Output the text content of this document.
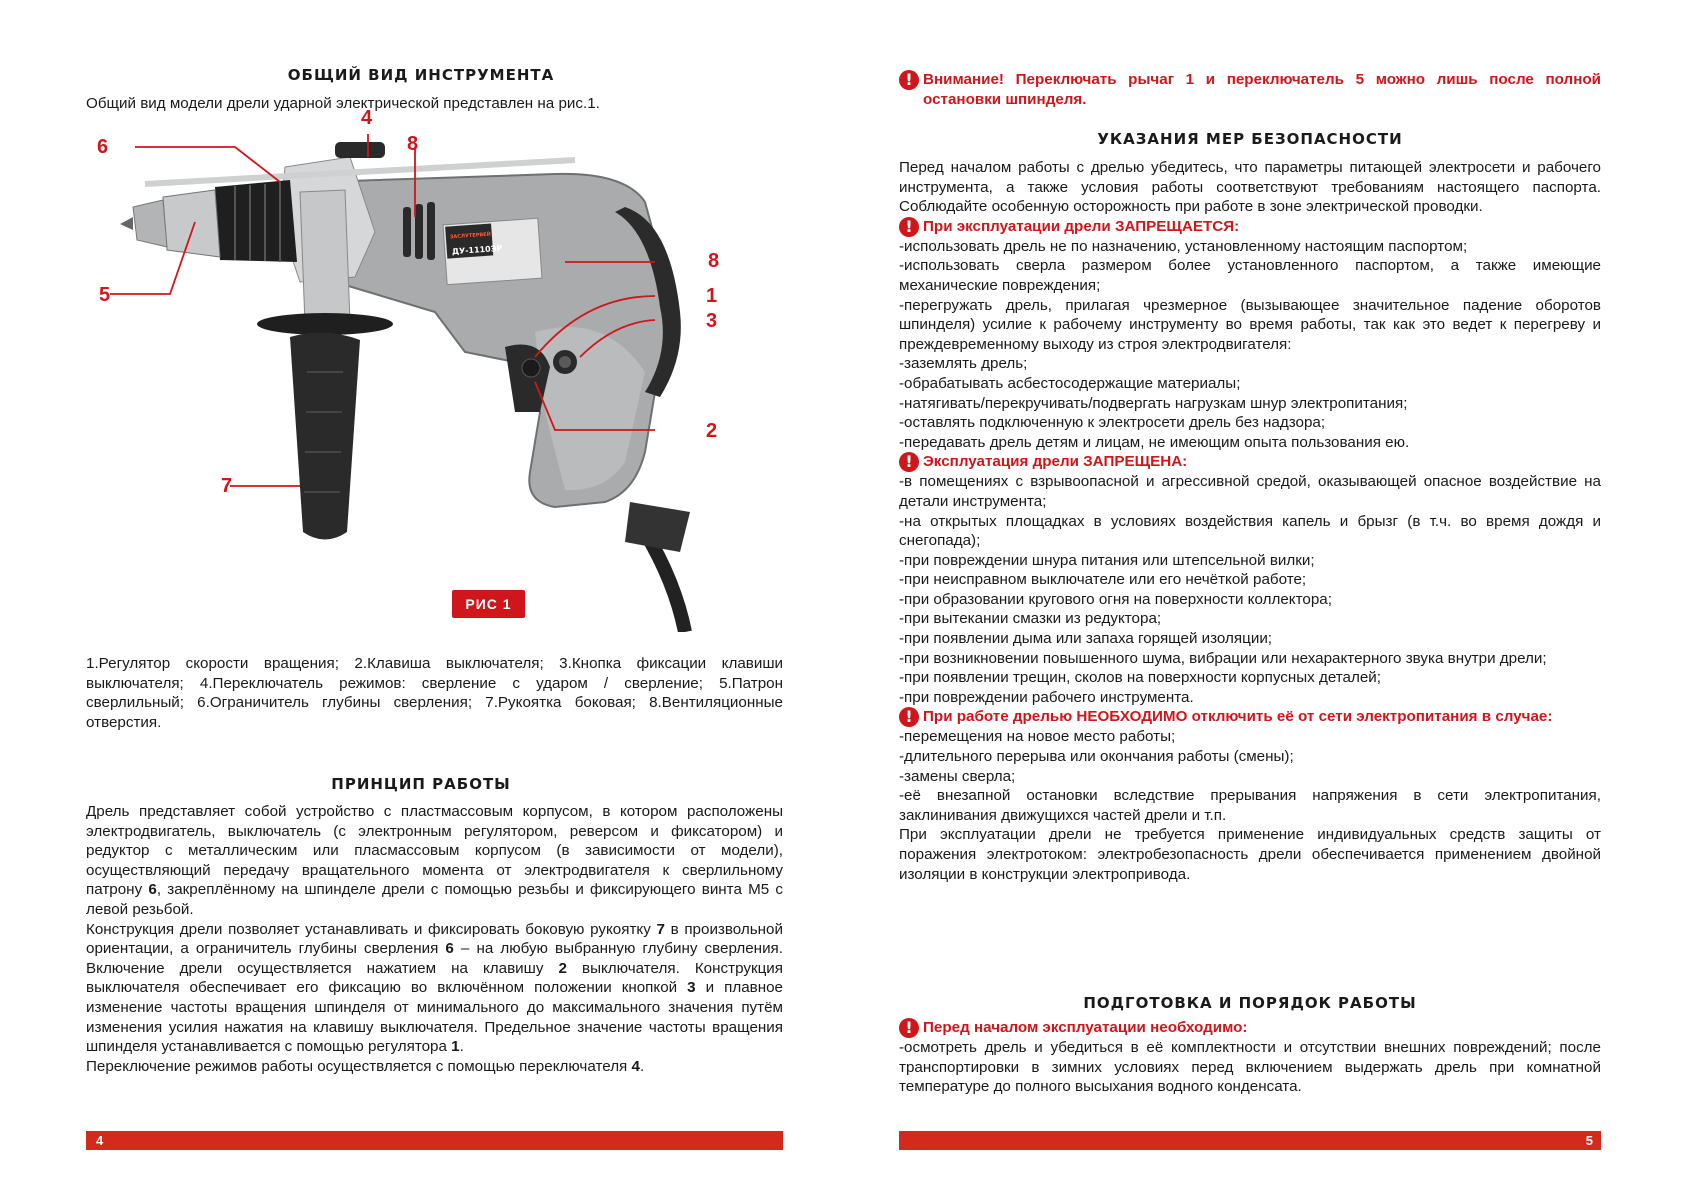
ОБЩИЙ ВИД ИНСТРУМЕНТА
Общий вид модели дрели ударной электрической представлен на рис.1.
ДУ-1110ЭР
ЗАСЛУТЕРВЕЙ
6
4
8
8
1
3
2
5
7
РИС 1
1.Регулятор скорости вращения; 2.Клавиша выключателя; 3.Кнопка фиксации клавиши выключателя; 4.Переключатель режимов: сверление с ударом / сверление; 5.Патрон сверлильный; 6.Ограничитель глубины сверления; 7.Рукоятка боковая; 8.Вентиляционные отверстия.
ПРИНЦИП РАБОТЫ

Дрель представляет собой устройство с пластмассовым корпусом, в котором расположены электродвигатель, выключатель (с электронным регулятором, реверсом и фиксатором) и редуктор с металлическим или пласмассовым корпусом (в зависимости от модели), осуществляющий передачу вращательного момента от электродвигателя к сверлильному патрону 6, закреплённому на шпинделе дрели с помощью резьбы и фиксирующего винта М5 с левой резьбой.

Конструкция дрели позволяет устанавливать и фиксировать боковую рукоятку 7 в произвольной ориентации, а ограничитель глубины сверления 6 – на любую выбранную глубину сверления. Включение дрели осуществляется нажатием на клавишу 2 выключателя. Конструкция выключателя обеспечивает его фиксацию во включённом положении кнопкой 3 и плавное изменение частоты вращения шпинделя от минимального до максимального значения путём изменения усилия нажатия на клавишу выключателя. Предельное значение частоты вращения шпинделя устанавливается с помощью регулятора 1.

Переключение режимов работы осуществляется с помощью переключателя 4.

4
! Внимание! Переключать рычаг 1 и переключатель 5 можно лишь после полной остановки шпинделя.
УКАЗАНИЯ МЕР БЕЗОПАСНОСТИ

Перед началом работы с дрелью убедитесь, что параметры питающей электросети и рабочего инструмента, а также условия работы соответствуют требованиям настоящего паспорта. Соблюдайте особенную осторожность при работе в зоне электрической проводки.

! При эксплуатации дрели ЗАПРЕЩАЕТСЯ:

-использовать дрель не по назначению, установленному настоящим паспортом;

-использовать сверла размером более установленного паспортом, а также имеющие механические повреждения;

-перегружать дрель, прилагая чрезмерное (вызывающее значительное падение оборотов шпинделя) усилие к рабочему инструменту во время работы, так как это ведет к перегреву и преждевременному выходу из строя электродвигателя:

-заземлять дрель;

-обрабатывать асбестосодержащие материалы;

-натягивать/перекручивать/подвергать нагрузкам шнур электропитания;

-оставлять подключенную к электросети дрель без надзора;

-передавать дрель детям и лицам, не имеющим опыта пользования ею.

! Эксплуатация дрели ЗАПРЕЩЕНА:

-в помещениях с взрывоопасной и агрессивной средой, оказывающей опасное воздействие на детали инструмента;

-на открытых площадках в условиях воздействия капель и брызг (в т.ч. во время дождя и снегопада);

-при повреждении шнура питания или штепсельной вилки;

-при неисправном выключателе или его нечёткой работе;

-при образовании кругового огня на поверхности коллектора;

-при вытекании смазки из редуктора;

-при появлении дыма или запаха горящей изоляции;

-при возникновении повышенного шума, вибрации или нехарактерного звука внутри дрели;

-при появлении трещин, сколов на поверхности корпусных деталей;

-при повреждении рабочего инструмента.

! При работе дрелью НЕОБХОДИМО отключить её от сети электропитания в случае:

-перемещения на новое место работы;

-длительного перерыва или окончания работы (смены);

-замены сверла;

-её внезапной остановки вследствие прерывания напряжения в сети электропитания, заклинивания движущихся частей дрели и т.п.

При эксплуатации дрели не требуется применение индивидуальных средств защиты от поражения электротоком: электробезопасность дрели обеспечивается применением двойной изоляции в конструкции электропривода.

ПОДГОТОВКА И ПОРЯДОК РАБОТЫ
! Перед началом эксплуатации необходимо:

-осмотреть дрель и убедиться в её комплектности и отсутствии внешних повреждений; после транспортировки в зимних условиях перед включением выдержать дрель при комнатной температуре до полного высыхания водного конденсата.

5
